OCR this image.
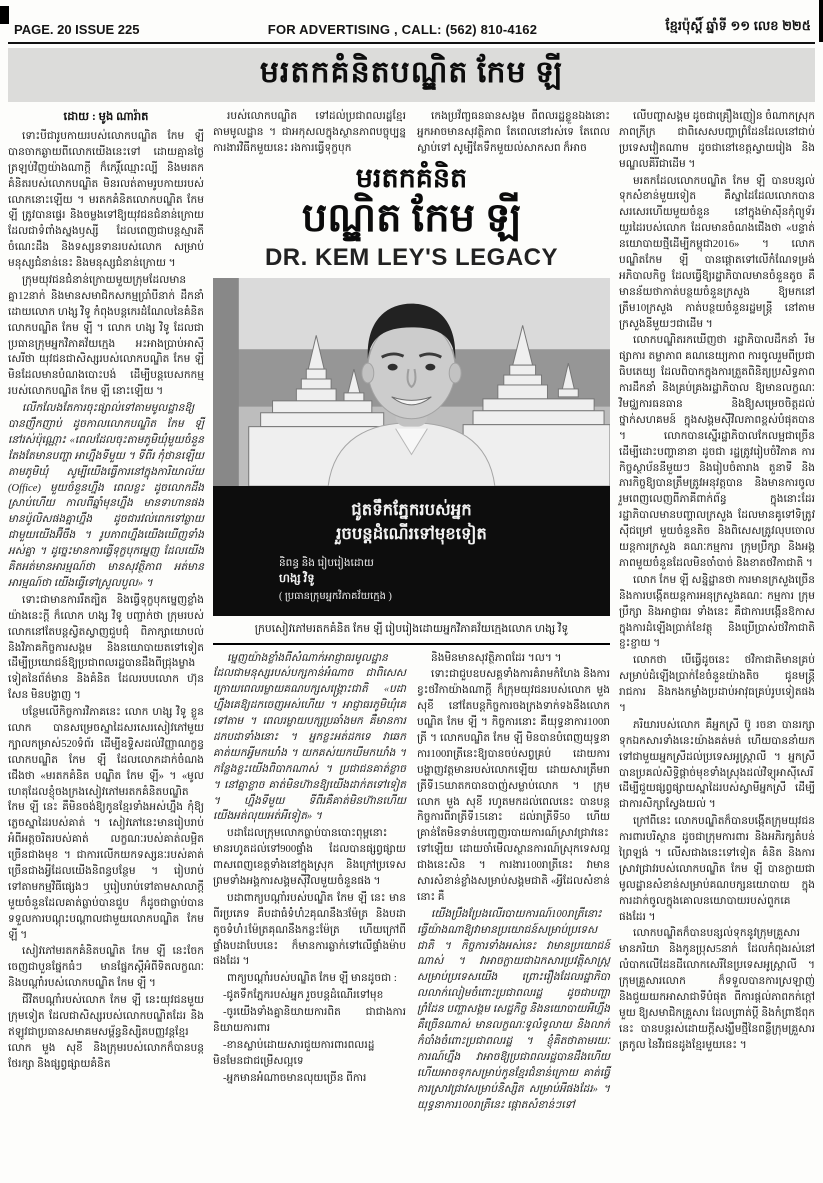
PAGE. 20 ISSUE 225	FOR ADVERTISING , CALL: (562) 810-4162	ខ្មែរប៉ុស្តិ៍ ឆ្នាំទី ១១ លេខ ២២៥
មរតកគំនិតបណ្ឌិត កែម ឡី

ដោយ : មូង ណារ៉ាត

ទោះបីជារូបកាយរបស់លោកបណ្ឌិត កែម ឡី បានចាកឆ្ងាយពីលោកយើងនេះទៅ ដោយគ្មានថ្ងៃត្រឡប់វិញយ៉ាងណាក្ដី ក៏កេរ្តិ៍ឈ្មោះល្បី និងមរតកគំនិតរបស់លោកបណ្ឌិត មិនរលត់តាមរូបកាយរបស់លោកនោះឡើយ ។ មរតកគំនិតលោកបណ្ឌិត កែម ឡី ត្រូវបានផ្ទេរ និងចម្លងទៅឱ្យយុវជនជំនាន់ក្រោយ ដែលជាទំពាំងស្នងឫស្សី ដែលពេញជាបន្តស្មារតី ចំណេះដឹង និងទស្សនទានរបស់លោក សម្រាប់មនុស្សជំនាន់នេះ និងមនុស្សជំនាន់ក្រោយ ។

ក្រុមយុវជនជំនាន់ក្រោយមួយក្រុមដែលមានគ្នា12នាក់ និងមានសមាជិកសកម្មប្រាំបីនាក់ ដឹកនាំដោយលោក ហង្ស វិទូ កំពុងបន្តកេរដំណែលនៃគំនិតលោកបណ្ឌិត កែម ឡី ។ លោក ហង្ស វិទូ ដែលជាប្រធានក្រុមអ្នកវិភាគវ័យក្មេង អះអាងប្រាប់អាស៊ីសេរីថា យុវជនជាសិស្សរបស់លោកបណ្ឌិត កែម ឡី មិនដែលមានបំណងបោះបង់ ដើម្បីបន្តបេសកកម្មរបស់លោកបណ្ឌិត កែម ឡី នោះឡើយ ។

លើកលែងតែការចុះផ្សាល់ទៅតាមមូលដ្ឋានឱ្យបានញឹកញាប់ ដូចកាលលោកបណ្ឌិត កែម ឡី នៅរស់ប៉ុណ្ណោះ «ពេលដែលចុះតាមភូមិឃុំមួយចំនួន តែងតែមានបញ្ហា អាហ្នឹងទីមួយ ។ ទីពីរ កុំថានឡើយតាមភូមិឃុំ សូម្បីយើងធ្វើការនៅក្នុងការិយាល័យ (Office) មួយចំនួនហ្នឹង ពេលខ្លះ ដូចលោកដឹងស្រាប់ហើយ កាលពីឆ្នាំមុនហ្នឹង មានទាហានផង មានប៉ូលិសផងគ្នាហ្នឹង ដូចជារវល់ពេកទៅឆ្ងាយជាមួយយើងអ៊ីចឹង ។ រូបភាពហ្នឹងយើងឃើញទាំងអស់គ្នា ។ ដូច្នេះមានការធ្វើទុក្ខបុកម្នេញ ដែលយើងគិតអត់មានអារម្មណ៍ថា មានសុវត្ថិភាព អត់មានអារម្មណ៍ថា យើងធ្វើទៅស្រួលបួល» ។

ទោះជាមានការរឹតត្បិត និងធ្វើទុក្ខបុកម្នេញខ្លាំងយ៉ាងនេះក្ដី ក៏លោក ហង្ស វិទូ បញ្ជាក់ថា ក្រុមរបស់លោកនៅតែបន្តស្វិតស្វាញជួបជុំ ពិភាក្សាយោបល់ និងវិភាគកិច្ចការសង្គម និងនយោបាយតទៅទៀត ដើម្បីប្រយោជន៍ឱ្យប្រជាពលរដ្ឋបានដឹងពីជ្រុងម្ខាងទៀតនៃព័ត៌មាន និងគំនិត ដែលរបបលោក ហ៊ុន សែន មិនបង្ហាញ ។

បន្ថែមលើកិច្ចការវិភាគនេះ លោក ហង្ស វិទូ ខ្លួនលោក បានសម្រេចស្នាដៃសរសេរសៀវភៅមួយក្បាលកម្រាស់520ទំព័រ ដើម្បីឧទ្ទិសដល់វិញ្ញាណក្ខន្ធលោកបណ្ឌិត កែម ឡី ដែលលោកដាក់ចំណងជើងថា «មរតកគំនិត បណ្ឌិត កែម ឡី» ។ «មូលហេតុដែលខ្ញុំចងក្រងសៀវភៅមរតកគំនិតបណ្ឌិត កែម ឡី នេះ គឺមិនចង់ឱ្យកូនខ្មែរទាំងអស់ហ្នឹង កុំឱ្យភ្លេចស្នាដៃរបស់គាត់ ។ សៀវភៅនេះមានរៀបរាប់អំពីអត្តចរិតរបស់គាត់ លក្ខណៈរបស់គាត់លម្អិតច្រើនជាងមុខ ។ ជាការលើកយកទស្សនៈរបស់គាត់ច្រើនជាងអ្វីដែលយើងនិពន្ធបន្ថែម ។ រៀបរាប់ទៅតាមកម្មវិធីផ្សេងៗ ឬរៀបរាប់ទៅតាមសាលាក្ដីមួយចំនួនដែលគាត់ធ្លាប់បានជួប ក៏ដូចជាធ្លាប់បានទទួលការបណ្ដុះបណ្ដាលជាមួយលោកបណ្ឌិត កែម ឡី ។

សៀវភៅមរតកគំនិតបណ្ឌិត កែម ឡី នេះចែកចេញជាបួនផ្នែកធំៗ មានផ្នែកស្ដីអំពីទិតលក្ខណៈ និងបណ្ដាំរបស់លោកបណ្ឌិត កែម ឡី ។

ជីវិតបណ្ដាំរបស់លោក កែម ឡី នេះយុវជនមួយក្រុមទៀត ដែលជាសិស្សរបស់លោកបណ្ឌិតដែរ និងឥឡូវជាប្រធានសមាគមសម្ព័ន្ធនិស្សិតបញ្ញវន្តខ្មែរ លោក មួង សុខី និងក្រុមរបស់លោកក៏បានបន្តថែរក្សា និងផ្សព្វផ្សាយគំនិត

របស់លោកបណ្ឌិត ទៅដល់ប្រជាពលរដ្ឋខ្មែរ តាមមូលដ្ឋាន ។ ជាអកុសលក្នុងស្ថានភាពបច្ចុប្បន្ន ការងារវិធីកមួយនេះ រងការធ្វើទុក្ខបុក

កេងប្រវ័ញ្ចធនធានសង្គម ពីពលរដ្ឋខ្លួនឯងនោះ អ្នកអាចមានសុវត្ថិភាព តែពេលនៅរស់ទេ តែពេលស្លាប់ទៅ សូម្បីតែទឹកមួយល់សាកសព ក៏អាច

មរតកគំនិត
បណ្ឌិត កែម ឡី
DR. KEM LEY'S LEGACY
ជូតទឹកភ្នែករបស់អ្នក
រួចបន្តដំណើរទៅមុខទៀត
និពន្ធ និង រៀបរៀងដោយ
ហង្ស វិទូ
( ប្រធានក្រុមអ្នកវិភាគវ័យក្មេង )
ក្របសៀវភៅមរតកគំនិត កែម ឡី រៀបរៀងដោយអ្នកវិភាគវ័យក្មេងលោក ហង្ស វិទូ

ម្នេញយ៉ាងខ្លាំងពីសំណាក់អាជ្ញាធរមូលដ្ឋានដែលជាមនុស្សរបស់បក្សកាន់អំណាច ជាពិសេសក្រោយពេលរម្លាយគណបក្សសង្គ្រោះជាតិ «បដាហ្នឹងគេឱ្យដកចេញអស់ហើយ ។ អាជ្ញាធរភូមិឃុំគេទៅតាម ។ ពេលរម្លាយបក្សប្រឆាំងមក គឺមានការដកបដាទាំងនោះ ។ អ្នកខ្លះអត់ដកទេ វាឆេក គាត់យកអ្វីមកឃាំង ។ យកគស់យកឃីមកឃាំង ។ កន្លែងខ្លះយើងពិបាកណាស់ ។ ប្រជាជនគាត់ខ្លាច ។ នៅគ្នាខ្លាច គាត់មិនហ៊ានឱ្យយើងដាក់តទៅទៀត ។ ហ្នឹងទីមួយ ទីពីរគឺគាត់មិនហ៊ានហើយ យើងអត់លុយអត់អីទៀត» ។

បដាដែលក្រុមលោកធ្លាប់បានបោះពុម្ពនោះ មានរហូតដល់ទៅ900ផ្ទាំង ដែលបានផ្សព្វផ្សាយពាសពេញខេត្តទាំងនៅក្នុងស្រុក និងក្រៅប្រទេស ព្រមទាំងអង្គការសង្គមស៊ីវិលមួយចំនួនផង ។

បដាពាក្យបណ្ដាំរបស់បណ្ឌិត កែម ឡី នេះ មានពីរប្រភេទ គឺបដាធំទំហំ2គុណនឹង3ម៉ែត្រ និងបដាតូចទំហំ1ម៉ែត្រគុណនឹងកន្លះម៉ែត្រ ហើយក្រៅពីផ្ទាំងបដាបែបនេះ ក៏មានការឆ្លាក់ទៅលើផ្ទាំងម៉ាបផងដែរ ។

ពាក្យបណ្ដាំរបស់បណ្ឌិត កែម ឡី មានដូចជា :

-ជូតទឹកភ្នែករបស់អ្នក រួចបន្តដំណើរទៅមុខ

-ចូរយើងទាំងគ្នានិយាយការពិត ជាជាងការនិយាយការពារ

-ខានស្លាប់ដោយសារជួយការពារពលរដ្ឋ មិនមែនជាជម្រើសល្អទេ

-អ្នកមានអំណាចមានលុយច្រើន ពីការ

និងមិនមានសុវត្ថិភាពដែរ ។ល។ ។

ទោះជាជួបឧបសគ្គទាំងការគំរាមកំហែង និងការខ្វះថវិកាយ៉ាងណាក្ដី ក៏ក្រុមយុវជនរបស់លោក មួង សុខី នៅតែបន្តកិច្ចការចងក្រងទាក់ទងនឹងលោកបណ្ឌិត កែម ឡី ។ កិច្ចការនោះ គឺយុទ្ធនាការ100រាត្រី ។ លោកបណ្ឌិត កែម ឡី មិនបានបំពេញយុទ្ធនាការ100រាត្រីនេះឱ្យបានចប់សព្វគ្រប់ ដោយការបង្ហាញវត្តមានរបស់លោកឡើយ ដោយសារត្រឹមរាត្រីទី15ឃាតកបានបាញ់សម្លាប់លោក ។ ក្រុមលោក មួង សុខី រហូតមកដល់ពេលនេះ បានបន្តកិច្ចការពីរាត្រីទី15នោះ ដល់រាត្រីទី50 ហើយគ្រាន់តែមិនទាន់បញ្ចេញរបាយការណ៍ស្រាវជ្រាវនេះទៅឡើយ ដោយចាំមើលស្ថានការណ៍ស្រុកទេសល្អជាងនេះសិន ។ ការងារ100រាត្រីនេះ វាមានសារសំខាន់ខ្លាំងសម្រាប់សង្គមជាតិ «អ្វីដែលសំខាន់នោះ គឺ

យើងប្រឹងប្រែងលើរបាយការណ៍100រាត្រីនោះ ធ្វើយ៉ាងណាឱ្យវាមានប្រយោជន៍សម្រាប់ប្រទេសជាតិ ។ កិច្ចការទាំងអស់នេះ វាមានប្រយោជន៍ណាស់ ។ វាអាចក្លាយជាឯកសារប្រវត្តិសាស្ត្រ សម្រាប់ប្រទេសយើង ព្រោះរឿងដែលរដ្ឋាភិបាលលាក់លៀមចំពោះប្រជាពលរដ្ឋ ដូចជាបញ្ហាព្រំដែន បញ្ហាសង្គម សេដ្ឋកិច្ច និងនយោបាយអីហ្នឹង គឺច្រើនណាស់ មានលក្ខណៈទូលំទូលាយ និងលាក់កំបាំងចំពោះប្រជាពលរដ្ឋ ។ ខ្ញុំគិតថាតាមរយៈការណ៍ហ្នឹង វាអាចឱ្យប្រជាពលរដ្ឋបានដឹងហើយ ហើយអាចទុកសម្រាប់កូនខ្មែរជំនាន់ក្រោយ គាត់ធ្វើការស្រាវជ្រាវសម្រាប់និស្សិត សម្រាប់អីផងដែរ» ។ យុទ្ធនាការ100រាត្រីនេះ ផ្ដោតសំខាន់ៗទៅ

លើបញ្ហាសង្គម ដូចជាគ្រឿងញៀន ចំណាកស្រុក ភាពក្រីក្រ ជាពិសេសបញ្ហាព្រំដែនដែលនៅជាប់ប្រទេសវៀតណាម ដូចជានៅខេត្តស្វាយរៀង និង មណ្ឌលគីរីជាដើម ។

មរតកដែលលោកបណ្ឌិត កែម ឡី បានបន្សល់ទុកសំខាន់មួយទៀត គឺស្នាដៃដែលលោកបានសរសេរហើយមួយចំនួន នៅក្នុងម៉ាស៊ីនកុំព្យូទ័រយួរដៃរបស់លោក ដែលមានចំណងជើងថា «បន្ទាត់នយោបាយថ្មីដើម្បីកម្ពុជា2016» ។ លោកបណ្ឌិតកែម ឡី បានផ្ដោតទៅលើកំណែទម្រង់អភិបាលកិច្ច ដែលធ្វើឱ្យរដ្ឋាភិបាលមានចំនួនតូច គឺមានន័យថាកាត់បន្ថយចំនួនក្រសួង ឱ្យមកនៅត្រឹម10ក្រសួង កាត់បន្ថយចំនួនរដ្ឋមន្ត្រី នៅតាមក្រសួងនីមួយៗជាដើម ។

លោកបណ្ឌិតរកឃើញថា រដ្ឋាភិបាលដឹកនាំ រឹមផ្សាការ តម្លាភាព គណនេយ្យភាព ការចូលរួមពីប្រជាធិបតេយ្យ ដែលពិបាកក្នុងការត្រួតពិនិត្យប្រសិទ្ធភាពការដឹកនាំ និងគ្រប់គ្រងរដ្ឋាភិបាល ឱ្យមានលក្ខណៈវិមជ្ឈការធនធាន និងឱ្យសម្រេចចិត្តដល់ថ្នាក់សហគមន៍ ក្នុងសង្គមស៊ីវិលភាពខ្ពស់បំផុតបាន ។ លោកបានស្នើរដ្ឋាភិបាលកែលម្អជាច្រើន ដើម្បីដោះបញ្ហានានា ដូចជា រដ្ឋត្រូវរៀបចំវិភាគ ការកិច្ចស្ថាប័ននីមួយៗ និងរៀបចំតារាង តួនាទី និងភារកិច្ចឱ្យបានត្រឹមត្រូវអនុវត្តបាន និងមានការចូលរួមពេញលេញពីភាគីពាក់ព័ន្ធ ក្នុងនោះដែរ រដ្ឋាភិបាលមានបញ្ហាលក្រសួង ដែលមានគូទៅទិត្រូវស៊ីជម្រៅ មួយចំនួនតិច និងពិសេសត្រូវលុបចោលយន្តការក្រសួង គណៈកម្មការ ក្រុមប្រឹក្សា និងអង្គភាពមួយចំនួនដែលមិនចាំបាច់ និងខាតថវិកាជាតិ ។

លោក កែម ឡី សន្និដ្ឋានថា ការមានក្រសួងច្រើន និងការបង្កើតយន្តការអនុក្រសួងគណៈ កម្មការ ក្រុមប្រឹក្សា និងអាជ្ញាធរ ទាំងនេះ គឺជាការបង្កើនឱកាសក្នុងការដំឡើងប្រាក់ខែវត្ថុ និងប្រើប្រាស់ថវិកាជាតិខ្ជះខ្ជាយ ។

លោកថា បើធ្វើដូចនេះ ថវិកាជាតិមានគ្រប់សម្រាប់ដំឡើងប្រាក់ខែចំនួនយ៉ាងតិច ជូនមន្ត្រីរាជការ និងកងកម្លាំងប្រដាប់អាវុធគ្រប់រូបទៀតផង ។

ភរិយារបស់លោក គឺអ្នកស្រី ប៊ូ រចនា បានរក្សាទុកឯកសារទាំងនេះយ៉ាងគត់មត់ ហើយបាននាំយកទៅជាមួយអ្នកស្រីដល់ប្រទេសអូស្រ្តាលី ។ អ្នកស្រីបានប្រគល់សិទ្ធិផ្ដាច់មុខទាំងស្រុងដល់វិទ្យុអាស៊ីសេរី ដើម្បីជួយផ្សព្វផ្សាយស្នាដៃរបស់ស្វាមីអ្នកស្រី ដើម្បីជាការសិក្សាស្វែងយល់ ។

ក្រៅពីនេះ លោកបណ្ឌិតក៏បានបង្កើតក្រុមយុវជនការពារបរិស្ថាន ដូចជាក្រុមការពារ និងអភិរក្សតំបន់ព្រៃឡង់ ។ លើសជាងនេះទៅទៀត គំនិត និងការស្រាវជ្រាវរបស់លោកបណ្ឌិត កែម ឡី បានក្លាយជាមូលដ្ឋានសំខាន់សម្រាប់គណបក្សនយោបាយ ក្នុងការដាក់ចូលក្នុងគោលនយោបាយរបស់ពួកគេផងដែរ ។

លោកបណ្ឌិតក៏បានបន្សល់ទុកនូវក្រុមគ្រួសារ មានភរិយា និងកូនប្រុស5នាក់ ដែលកំពុងរស់នៅលំបាកលើដែនដីលោកសេរីនៃប្រទេសអូស្ត្រាលី ។ ក្រុមគ្រួសារលោក ក៏ទទួលបានការស្រឡាញ់ និងជួយយកអាសាជាទីបំផុត ពីការផ្ដល់ភាពកក់ក្ដៅមួយ ឱ្យសមាជិកគ្រួសារ ដែលព្រាត់ប្ដី និងកំព្រាឪពុកនេះ បានបន្តរស់ដោយក្ដីសង្ឃឹមថ្មីនៃពន្លឺក្រុមគ្រួសារត្រកូល នៃវីរជនដូងខ្មែរមួយនេះ ។
